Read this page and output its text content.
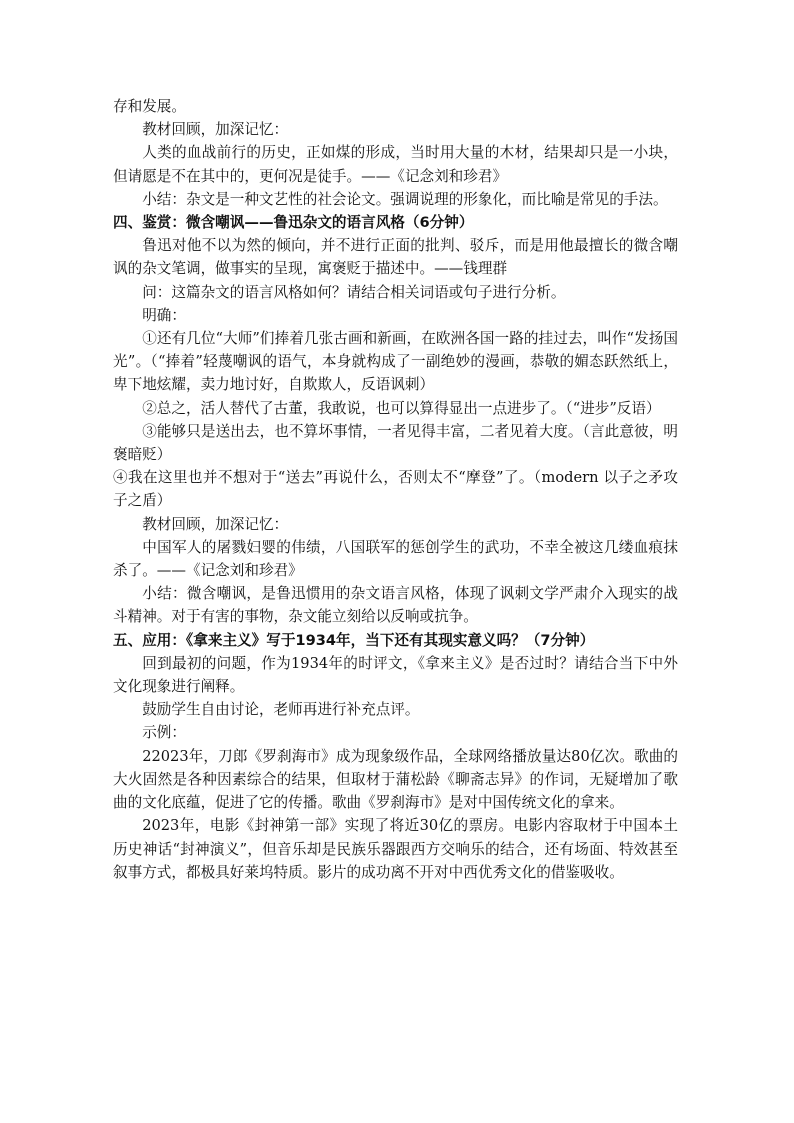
存和发展。

教材回顾，加深记忆：

人类的血战前行的历史，正如煤的形成，当时用大量的木材，结果却只是一小块，但请愿是不在其中的，更何况是徒手。——《记念刘和珍君》

小结：杂文是一种文艺性的社会论文。强调说理的形象化，而比喻是常见的手法。

四、鉴赏：微含嘲讽——鲁迅杂文的语言风格（6分钟）

鲁迅对他不以为然的倾向，并不进行正面的批判、驳斥，而是用他最擅长的微含嘲讽的杂文笔调，做事实的呈现，寓褒贬于描述中。——钱理群

问：这篇杂文的语言风格如何？请结合相关词语或句子进行分析。

明确：

①还有几位“大师”们捧着几张古画和新画，在欧洲各国一路的挂过去，叫作“发扬国光”。（“捧着”轻蔑嘲讽的语气，本身就构成了一副绝妙的漫画，恭敬的媚态跃然纸上，卑下地炫耀，卖力地讨好，自欺欺人，反语讽刺）

②总之，活人替代了古董，我敢说，也可以算得显出一点进步了。（“进步”反语）

③能够只是送出去，也不算坏事情，一者见得丰富，二者见着大度。（言此意彼，明褒暗贬）

④我在这里也并不想对于“送去”再说什么，否则太不“摩登”了。（modern 以子之矛攻子之盾）

教材回顾，加深记忆：

中国军人的屠戮妇婴的伟绩，八国联军的惩创学生的武功，不幸全被这几缕血痕抹杀了。——《记念刘和珍君》

小结：微含嘲讽，是鲁迅惯用的杂文语言风格，体现了讽刺文学严肃介入现实的战斗精神。对于有害的事物，杂文能立刻给以反响或抗争。

五、应用：《拿来主义》写于1934年，当下还有其现实意义吗？（7分钟）

回到最初的问题，作为1934年的时评文，《拿来主义》是否过时？请结合当下中外文化现象进行阐释。

鼓励学生自由讨论，老师再进行补充点评。

示例：

22023年，刀郎《罗刹海市》成为现象级作品，全球网络播放量达80亿次。歌曲的大火固然是各种因素综合的结果，但取材于蒲松龄《聊斋志异》的作词，无疑增加了歌曲的文化底蕴，促进了它的传播。歌曲《罗刹海市》是对中国传统文化的拿来。

2023年，电影《封神第一部》实现了将近30亿的票房。电影内容取材于中国本土历史神话“封神演义”，但音乐却是民族乐器跟西方交响乐的结合，还有场面、特效甚至叙事方式，都极具好莱坞特质。影片的成功离不开对中西优秀文化的借鉴吸收。
